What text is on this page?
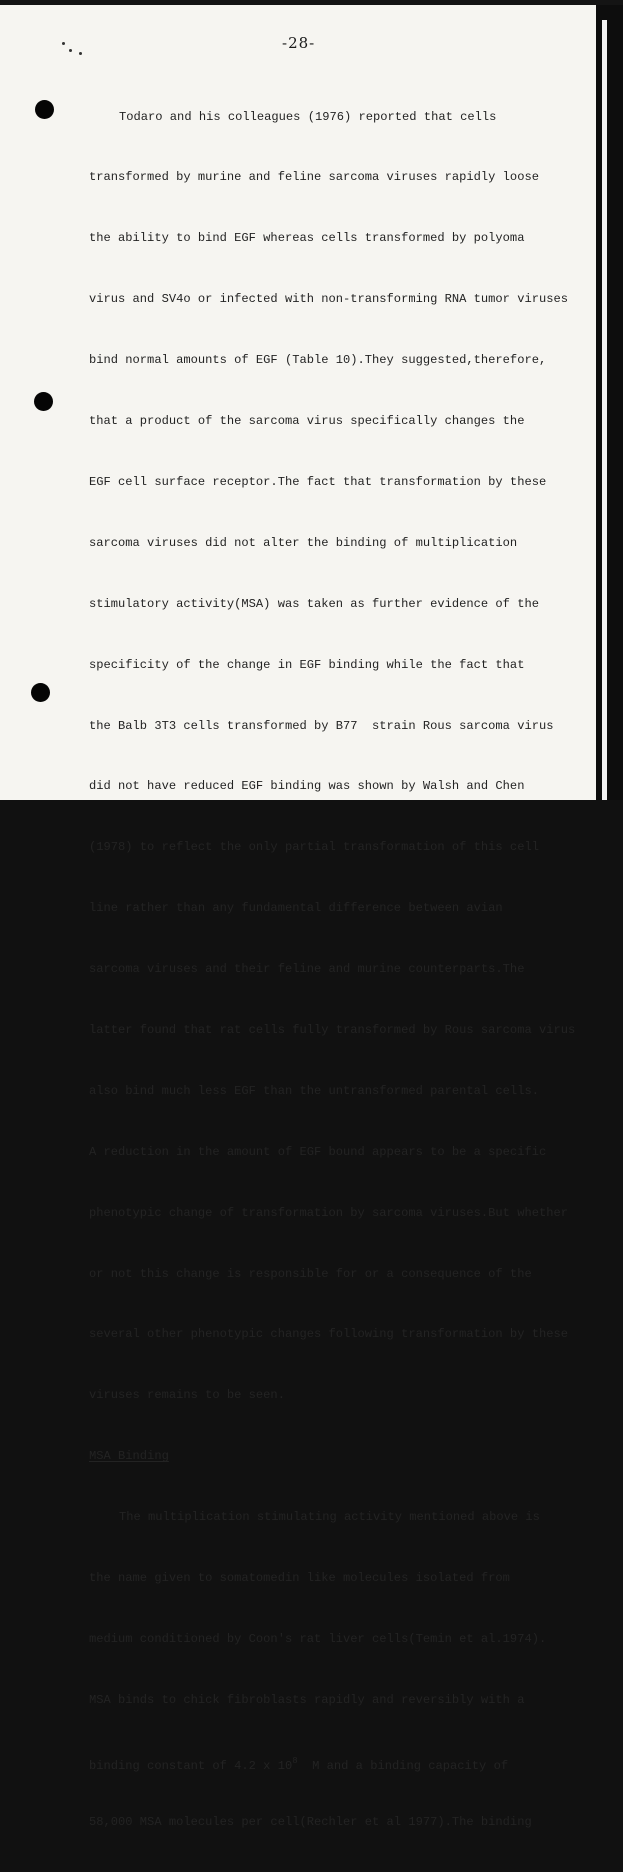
-28-

Todaro and his colleagues (1976) reported that cells

transformed by murine and feline sarcoma viruses rapidly loose

the ability to bind EGF whereas cells transformed by polyoma

virus and SV4o or infected with non-transforming RNA tumor viruses

bind normal amounts of EGF (Table 10).They suggested,therefore,

that a product of the sarcoma virus specifically changes the

EGF cell surface receptor.The fact that transformation by these

sarcoma viruses did not alter the binding of multiplication

stimulatory activity(MSA) was taken as further evidence of the

specificity of the change in EGF binding while the fact that

the Balb 3T3 cells transformed by B77  strain Rous sarcoma virus

did not have reduced EGF binding was shown by Walsh and Chen

(1978) to reflect the only partial transformation of this cell

line rather than any fundamental difference between avian

sarcoma viruses and their feline and murine counterparts.The

latter found that rat cells fully transformed by Rous sarcoma virus

also bind much less EGF than the untransformed parental cells.

A reduction in the amount of EGF bound appears to be a specific

phenotypic change of transformation by sarcoma viruses.But whether

or not this change is responsible for or a consequence of the

several other phenotypic changes following transformation by these

viruses remains to be seen.

MSA Binding

The multiplication stimulating activity mentioned above is

the name given to somatomedin like molecules isolated from

medium conditioned by Coon's rat liver cells(Temin et al.1974).

MSA binds to chick fibroblasts rapidly and reversibly with a

binding constant of 4.2 x $10^8$ M and a binding capacity of

58,000 MSA molecules per cell(Rechler et al 1977).The binding
